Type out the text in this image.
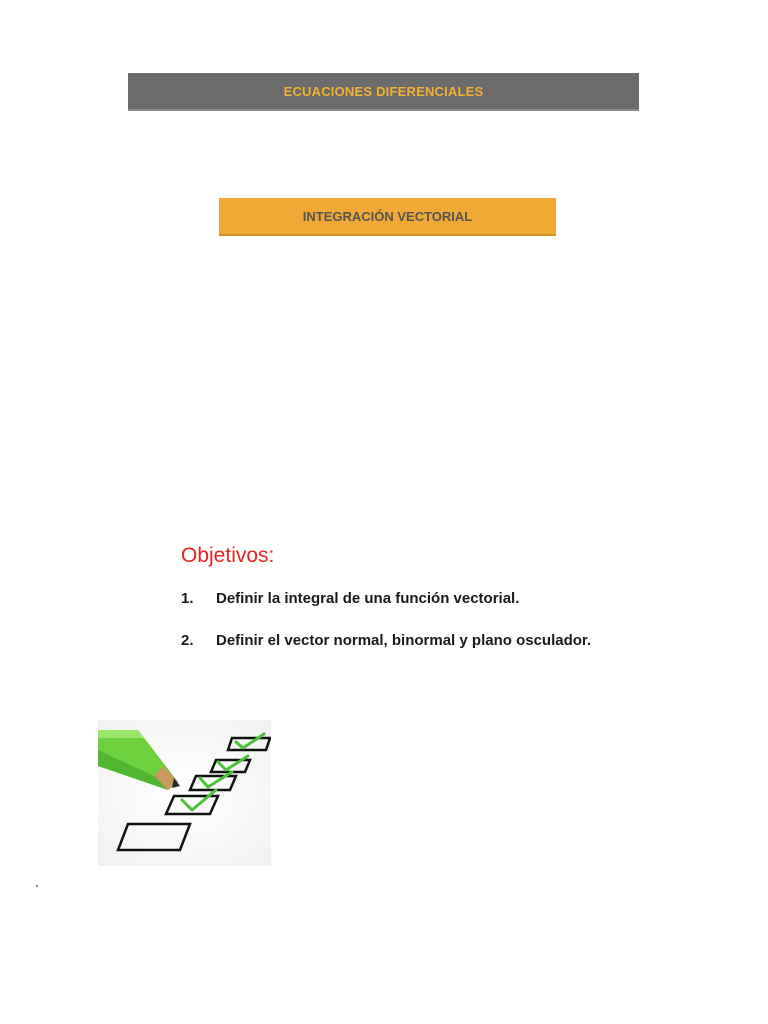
ECUACIONES DIFERENCIALES
INTEGRACIÓN VECTORIAL
Objetivos:
1.	Definir la integral de una función vectorial.
2.	Definir el vector normal, binormal y plano osculador.
